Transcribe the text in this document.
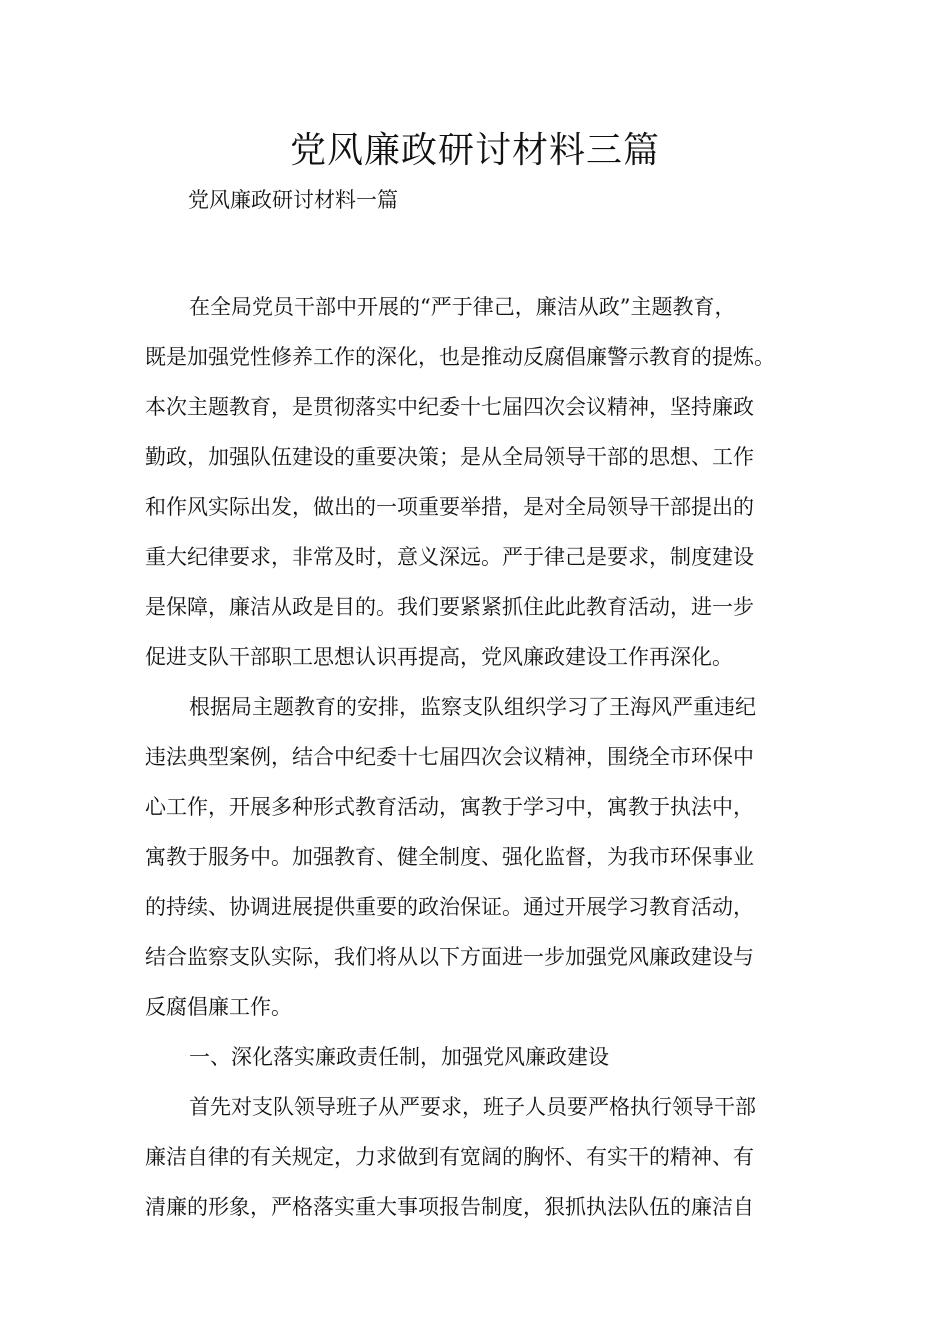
党风廉政研讨材料三篇

党风廉政研讨材料一篇

在全局党员干部中开展的“严于律己，廉洁从政”主题教育，
既是加强党性修养工作的深化，也是推动反腐倡廉警示教育的提炼。
本次主题教育，是贯彻落实中纪委十七届四次会议精神，坚持廉政
勤政，加强队伍建设的重要决策；是从全局领导干部的思想、工作
和作风实际出发，做出的一项重要举措，是对全局领导干部提出的
重大纪律要求，非常及时，意义深远。严于律己是要求，制度建设
是保障，廉洁从政是目的。我们要紧紧抓住此此教育活动，进一步
促进支队干部职工思想认识再提高，党风廉政建设工作再深化。
根据局主题教育的安排，监察支队组织学习了王海风严重违纪
违法典型案例，结合中纪委十七届四次会议精神，围绕全市环保中
心工作，开展多种形式教育活动，寓教于学习中，寓教于执法中，
寓教于服务中。加强教育、健全制度、强化监督，为我市环保事业
的持续、协调进展提供重要的政治保证。通过开展学习教育活动，
结合监察支队实际，我们将从以下方面进一步加强党风廉政建设与
反腐倡廉工作。
一、深化落实廉政责任制，加强党风廉政建设
首先对支队领导班子从严要求，班子人员要严格执行领导干部
廉洁自律的有关规定，力求做到有宽阔的胸怀、有实干的精神、有
清廉的形象，严格落实重大事项报告制度，狠抓执法队伍的廉洁自
